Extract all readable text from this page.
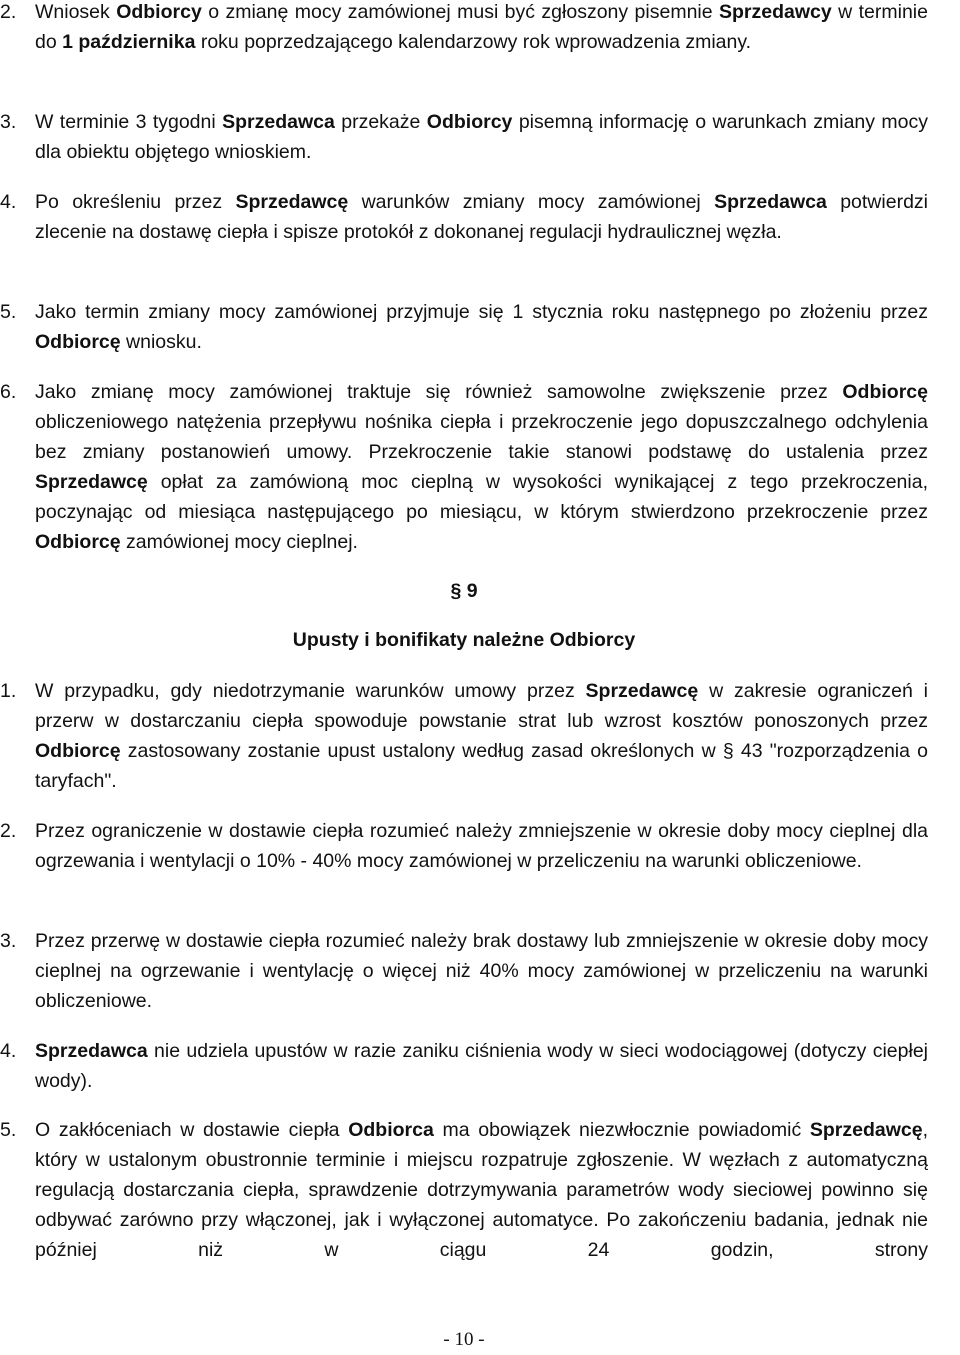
2. Wniosek Odbiorcy o zmianę mocy zamówionej musi być zgłoszony pisemnie Sprzedawcy w terminie do 1 października roku poprzedzającego kalendarzowy rok wprowadzenia zmiany.
3. W terminie 3 tygodni Sprzedawca przekaże Odbiorcy pisemną informację o warunkach zmiany mocy dla obiektu objętego wnioskiem.
4. Po określeniu przez Sprzedawcę warunków zmiany mocy zamówionej Sprzedawca potwierdzi zlecenie na dostawę ciepła i spisze protokół z dokonanej regulacji hydraulicznej węzła.
5. Jako termin zmiany mocy zamówionej przyjmuje się 1 stycznia roku następnego po złożeniu przez Odbiorcę wniosku.
6. Jako zmianę mocy zamówionej traktuje się również samowolne zwiększenie przez Odbiorcę obliczeniowego natężenia przepływu nośnika ciepła i przekroczenie jego dopuszczalnego odchylenia bez zmiany postanowień umowy. Przekroczenie takie stanowi podstawę do ustalenia przez Sprzedawcę opłat za zamówioną moc cieplną w wysokości wynikającej z tego przekroczenia, poczynając od miesiąca następującego po miesiącu, w którym stwierdzono przekroczenie przez Odbiorcę zamówionej mocy cieplnej.
§ 9
Upusty i bonifikaty należne Odbiorcy
1. W przypadku, gdy niedotrzymanie warunków umowy przez Sprzedawcę w zakresie ograniczeń i przerw w dostarczaniu ciepła spowoduje powstanie strat lub wzrost kosztów ponoszonych przez Odbiorcę zastosowany zostanie upust ustalony według zasad określonych w § 43 "rozporządzenia o taryfach".
2. Przez ograniczenie w dostawie ciepła rozumieć należy zmniejszenie w okresie doby mocy cieplnej dla ogrzewania i wentylacji o 10% - 40% mocy zamówionej w przeliczeniu na warunki obliczeniowe.
3. Przez przerwę w dostawie ciepła rozumieć należy brak dostawy lub zmniejszenie w okresie doby mocy cieplnej na ogrzewanie i wentylację o więcej niż 40% mocy zamówionej w przeliczeniu na warunki obliczeniowe.
4. Sprzedawca nie udziela upustów w razie zaniku ciśnienia wody w sieci wodociągowej (dotyczy ciepłej wody).
5. O zakłóceniach w dostawie ciepła Odbiorca ma obowiązek niezwłocznie powiadomić Sprzedawcę, który w ustalonym obustronnie terminie i miejscu rozpatruje zgłoszenie. W węzłach z automatyczną regulacją dostarczania ciepła, sprawdzenie dotrzymywania parametrów wody sieciowej powinno się odbywać zarówno przy włączonej, jak i wyłączonej automatyce. Po zakończeniu badania, jednak nie później niż w ciągu 24 godzin, strony
- 10 -
